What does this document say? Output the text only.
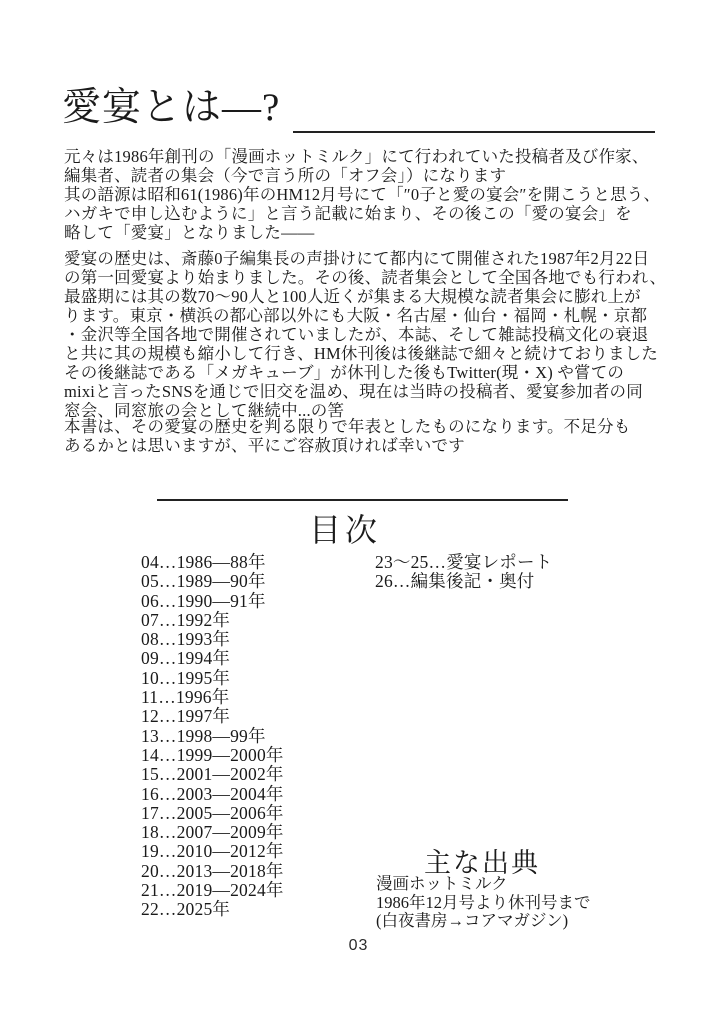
愛宴とは—?
元々は1986年創刊の「漫画ホットミルク」にて行われていた投稿者及び作家、
編集者、読者の集会（今で言う所の「オフ会」）になります
其の語源は昭和61(1986)年のHM12月号にて「″0子と愛の宴会″を開こうと思う、
ハガキで申し込むように」と言う記載に始まり、その後この「愛の宴会」を
略して「愛宴」となりました——
愛宴の歴史は、斎藤0子編集長の声掛けにて都内にて開催された1987年2月22日
の第一回愛宴より始まりました。その後、読者集会として全国各地でも行われ、
最盛期には其の数70〜90人と100人近くが集まる大規模な読者集会に膨れ上が
ります。東京・横浜の都心部以外にも大阪・名古屋・仙台・福岡・札幌・京都
・金沢等全国各地で開催されていましたが、本誌、そして雑誌投稿文化の衰退
と共に其の規模も縮小して行き、HM休刊後は後継誌で細々と続けておりました
その後継誌である「メガキューブ」が休刊した後もTwitter(現・X) や嘗ての
mixiと言ったSNSを通じで旧交を温め、現在は当時の投稿者、愛宴参加者の同
窓会、同窓旅の会として継続中...の筈
本書は、その愛宴の歴史を判る限りで年表としたものになります。不足分も
あるかとは思いますが、平にご容赦頂ければ幸いです
目次
04…1986—88年
05…1989—90年
06…1990—91年
07…1992年
08…1993年
09…1994年
10…1995年
11…1996年
12…1997年
13…1998—99年
14…1999—2000年
15…2001—2002年
16…2003—2004年
17…2005—2006年
18…2007—2009年
19…2010—2012年
20…2013—2018年
21…2019—2024年
22…2025年
23〜25…愛宴レポート
26…編集後記・奥付
主な出典
漫画ホットミルク
1986年12月号より休刊号まで
(白夜書房→コアマガジン)
03
